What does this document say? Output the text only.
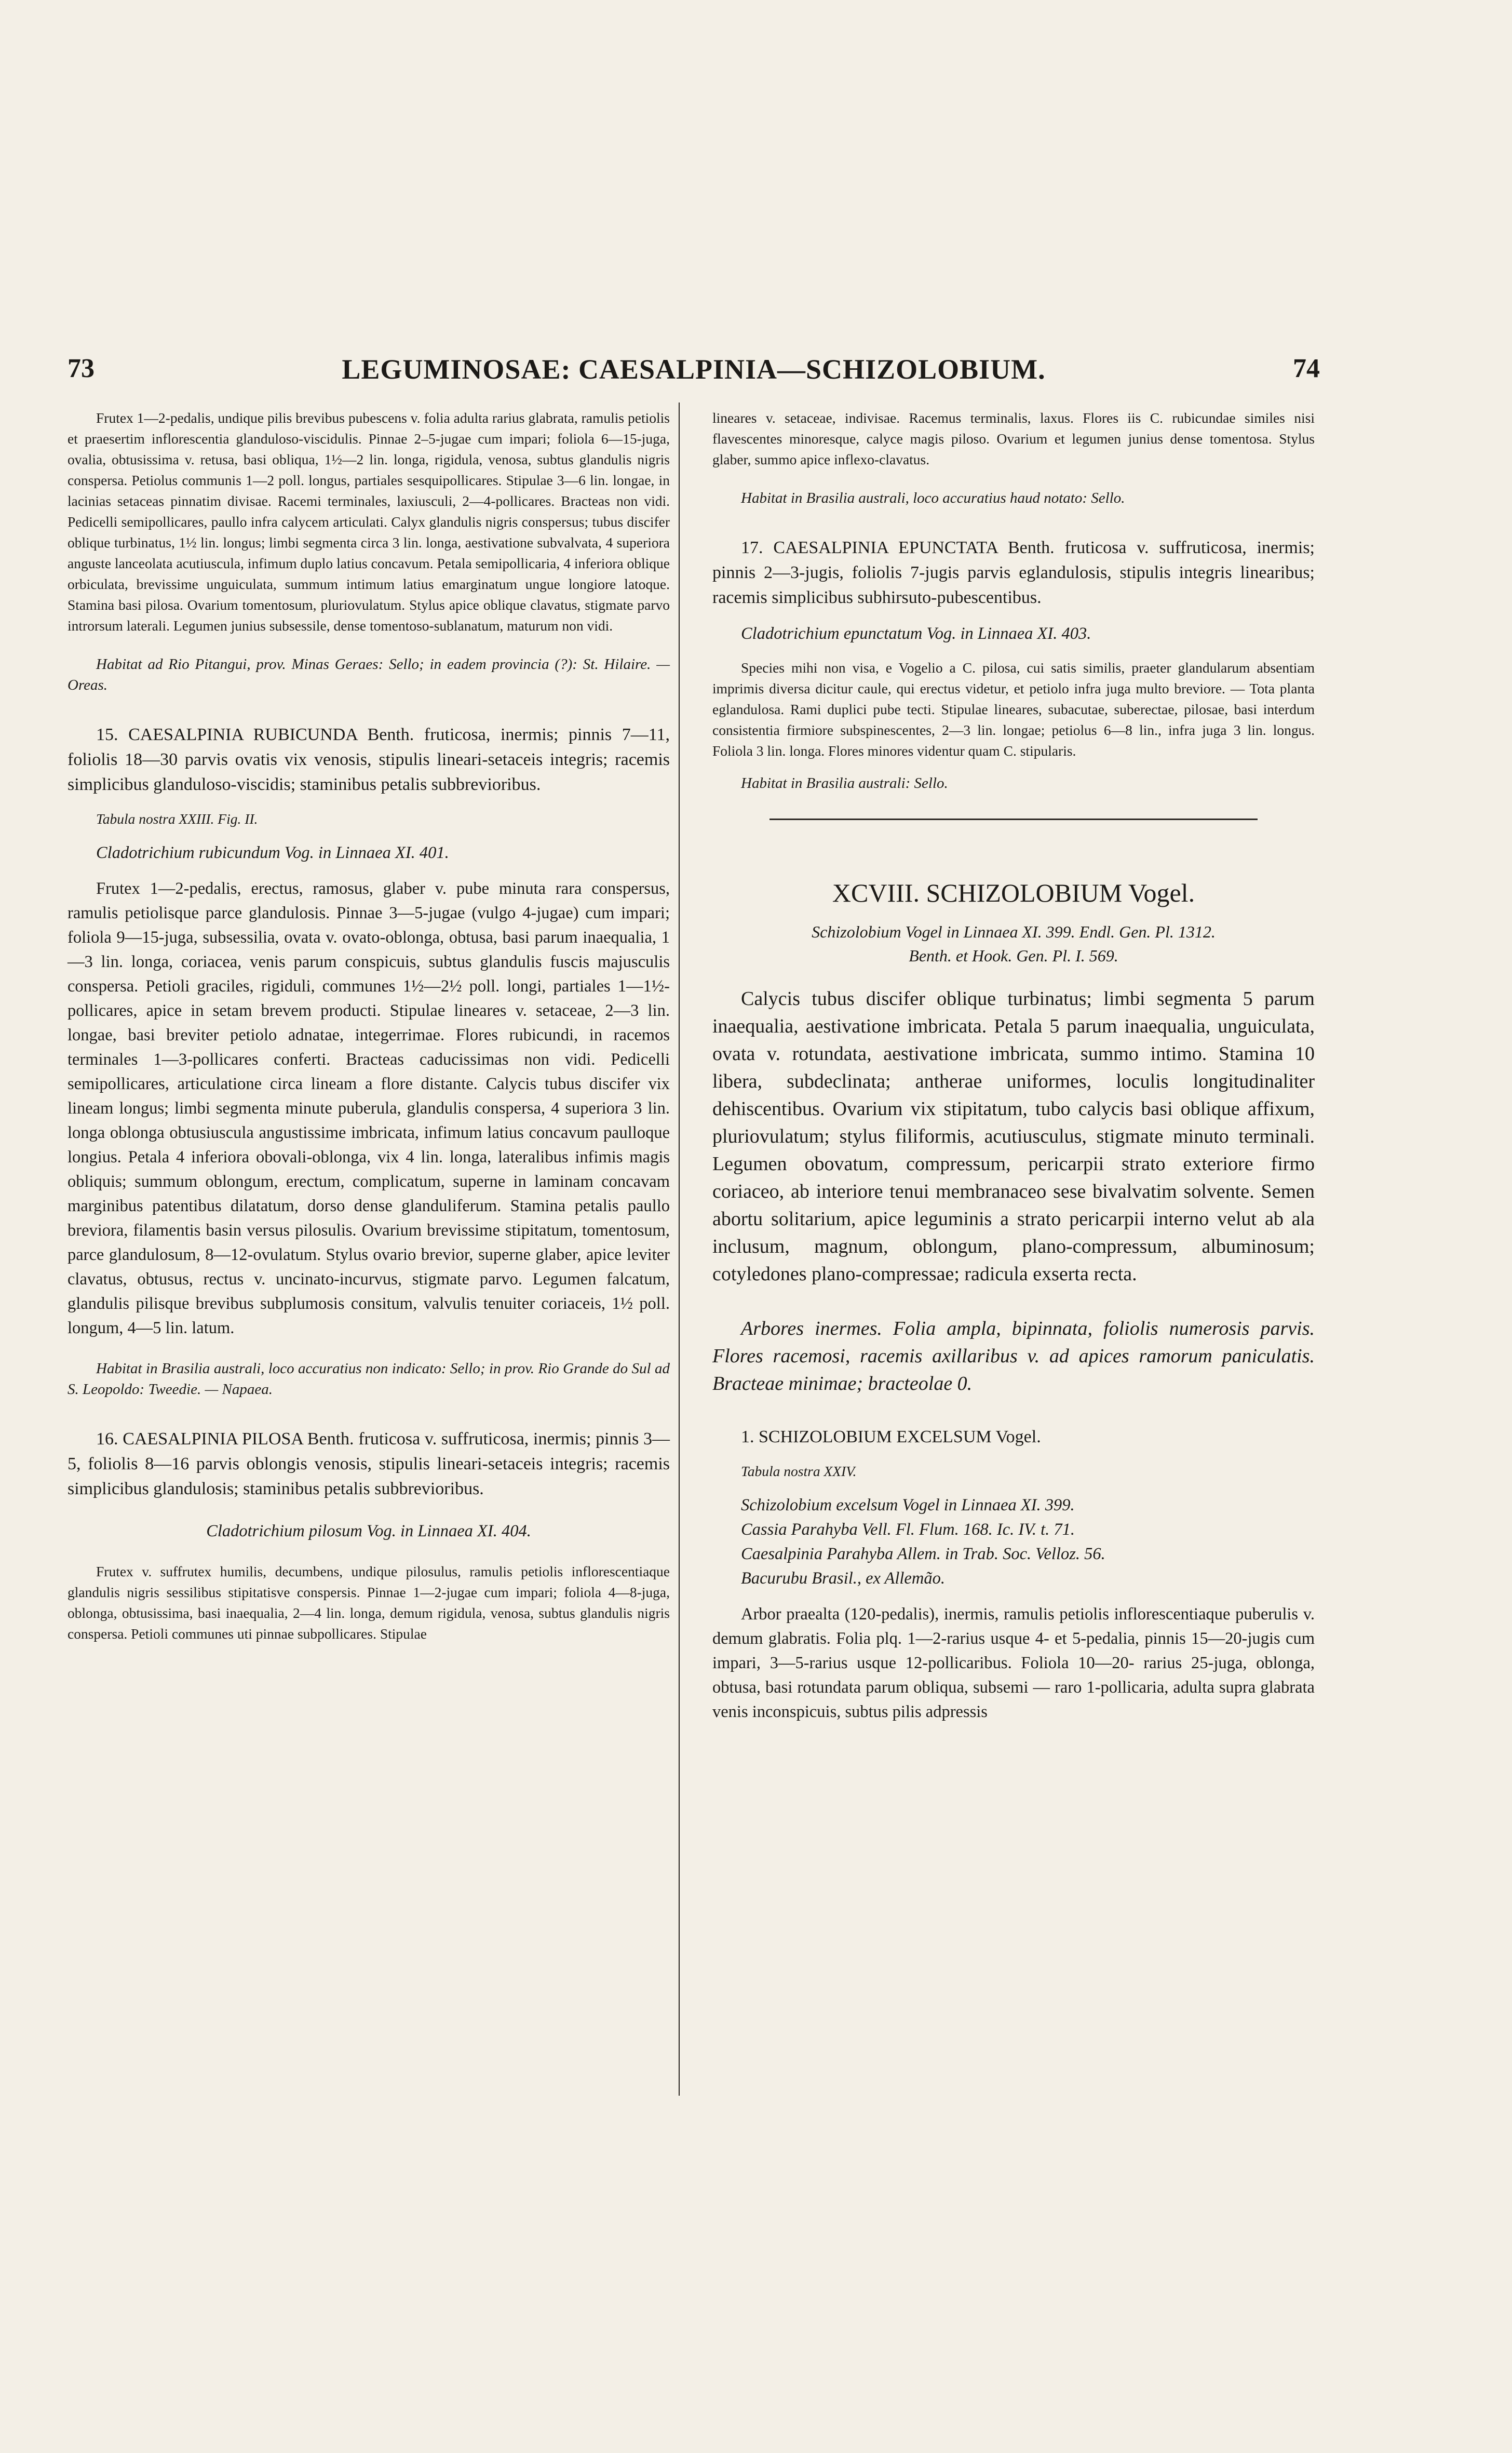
73	LEGUMINOSAE: CAESALPINIA—SCHIZOLOBIUM.	74

Frutex 1—2-pedalis, undique pilis brevibus pubescens v. folia adulta rarius glabrata, ramulis petiolis et praesertim inflorescentia glanduloso-viscidulis. Pinnae 2–5-jugae cum impari; foliola 6—15-juga, ovalia, obtusissima v. retusa, basi obliqua, 1½—2 lin. longa, rigidula, venosa, subtus glandulis nigris conspersa. Petiolus communis 1—2 poll. longus, partiales sesquipollicares. Stipulae 3—6 lin. longae, in lacinias setaceas pinnatim divisae. Racemi terminales, laxiusculi, 2—4-pollicares. Bracteas non vidi. Pedicelli semipollicares, paullo infra calycem articulati. Calyx glandulis nigris conspersus; tubus discifer oblique turbinatus, 1½ lin. longus; limbi segmenta circa 3 lin. longa, aestivatione subvalvata, 4 superiora anguste lanceolata acutiuscula, infimum duplo latius concavum. Petala semipollicaria, 4 inferiora oblique orbiculata, brevissime unguiculata, summum intimum latius emarginatum ungue longiore latoque. Stamina basi pilosa. Ovarium tomentosum, pluriovulatum. Stylus apice oblique clavatus, stigmate parvo introrsum laterali. Legumen junius subsessile, dense tomentoso-sublanatum, maturum non vidi.

Habitat ad Rio Pitangui, prov. Minas Geraes: Sello; in eadem provincia (?): St. Hilaire. — Oreas.

15. CAESALPINIA RUBICUNDA Benth. fruticosa, inermis; pinnis 7—11, foliolis 18—30 parvis ovatis vix venosis, stipulis lineari-setaceis integris; racemis simplicibus glanduloso-viscidis; staminibus petalis subbrevioribus.

Tabula nostra XXIII. Fig. II.

Cladotrichium rubicundum Vog. in Linnaea XI. 401.

Frutex 1—2-pedalis, erectus, ramosus, glaber v. pube minuta rara conspersus, ramulis petiolisque parce glandulosis. Pinnae 3—5-jugae (vulgo 4-jugae) cum impari; foliola 9—15-juga, subsessilia, ovata v. ovato-oblonga, obtusa, basi parum inaequalia, 1—3 lin. longa, coriacea, venis parum conspicuis, subtus glandulis fuscis majusculis conspersa. Petioli graciles, rigiduli, communes 1½—2½ poll. longi, partiales 1—1½-pollicares, apice in setam brevem producti. Stipulae lineares v. setaceae, 2—3 lin. longae, basi breviter petiolo adnatae, integerrimae. Flores rubicundi, in racemos terminales 1—3-pollicares conferti. Bracteas caducissimas non vidi. Pedicelli semipollicares, articulatione circa lineam a flore distante. Calycis tubus discifer vix lineam longus; limbi segmenta minute puberula, glandulis conspersa, 4 superiora 3 lin. longa oblonga obtusiuscula angustissime imbricata, infimum latius concavum paulloque longius. Petala 4 inferiora obovali-oblonga, vix 4 lin. longa, lateralibus infimis magis obliquis; summum oblongum, erectum, complicatum, superne in laminam concavam marginibus patentibus dilatatum, dorso dense glanduliferum. Stamina petalis paullo breviora, filamentis basin versus pilosulis. Ovarium brevissime stipitatum, tomentosum, parce glandulosum, 8—12-ovulatum. Stylus ovario brevior, superne glaber, apice leviter clavatus, obtusus, rectus v. uncinato-incurvus, stigmate parvo. Legumen falcatum, glandulis pilisque brevibus subplumosis consitum, valvulis tenuiter coriaceis, 1½ poll. longum, 4—5 lin. latum.

Habitat in Brasilia australi, loco accuratius non indicato: Sello; in prov. Rio Grande do Sul ad S. Leopoldo: Tweedie. — Napaea.

16. CAESALPINIA PILOSA Benth. fruticosa v. suffruticosa, inermis; pinnis 3—5, foliolis 8—16 parvis oblongis venosis, stipulis lineari-setaceis integris; racemis simplicibus glandulosis; staminibus petalis subbrevioribus.

Cladotrichium pilosum Vog. in Linnaea XI. 404.

Frutex v. suffrutex humilis, decumbens, undique pilosulus, ramulis petiolis inflorescentiaque glandulis nigris sessilibus stipitatisve conspersis. Pinnae 1—2-jugae cum impari; foliola 4—8-juga, oblonga, obtusissima, basi inaequalia, 2—4 lin. longa, demum rigidula, venosa, subtus glandulis nigris conspersa. Petioli communes uti pinnae subpollicares. Stipulae

lineares v. setaceae, indivisae. Racemus terminalis, laxus. Flores iis C. rubicundae similes nisi flavescentes minoresque, calyce magis piloso. Ovarium et legumen junius dense tomentosa. Stylus glaber, summo apice inflexo-clavatus.

Habitat in Brasilia australi, loco accuratius haud notato: Sello.

17. CAESALPINIA EPUNCTATA Benth. fruticosa v. suffruticosa, inermis; pinnis 2—3-jugis, foliolis 7-jugis parvis eglandulosis, stipulis integris linearibus; racemis simplicibus subhirsuto-pubescentibus.

Cladotrichium epunctatum Vog. in Linnaea XI. 403.

Species mihi non visa, e Vogelio a C. pilosa, cui satis similis, praeter glandularum absentiam imprimis diversa dicitur caule, qui erectus videtur, et petiolo infra juga multo breviore. — Tota planta eglandulosa. Rami duplici pube tecti. Stipulae lineares, subacutae, suberectae, pilosae, basi interdum consistentia firmiore subspinescentes, 2—3 lin. longae; petiolus 6—8 lin., infra juga 3 lin. longus. Foliola 3 lin. longa. Flores minores videntur quam C. stipularis.

Habitat in Brasilia australi: Sello.

XCVIII. SCHIZOLOBIUM Vogel.

Schizolobium Vogel in Linnaea XI. 399. Endl. Gen. Pl. 1312.

Benth. et Hook. Gen. Pl. I. 569.

Calycis tubus discifer oblique turbinatus; limbi segmenta 5 parum inaequalia, aestivatione imbricata. Petala 5 parum inaequalia, unguiculata, ovata v. rotundata, aestivatione imbricata, summo intimo. Stamina 10 libera, subdeclinata; antherae uniformes, loculis longitudinaliter dehiscentibus. Ovarium vix stipitatum, tubo calycis basi oblique affixum, pluriovulatum; stylus filiformis, acutiusculus, stigmate minuto terminali. Legumen obovatum, compressum, pericarpii strato exteriore firmo coriaceo, ab interiore tenui membranaceo sese bivalvatim solvente. Semen abortu solitarium, apice leguminis a strato pericarpii interno velut ab ala inclusum, magnum, oblongum, plano-compressum, albuminosum; cotyledones plano-compressae; radicula exserta recta.

Arbores inermes. Folia ampla, bipinnata, foliolis numerosis parvis. Flores racemosi, racemis axillaribus v. ad apices ramorum paniculatis. Bracteae minimae; bracteolae 0.

1. SCHIZOLOBIUM EXCELSUM Vogel.

Tabula nostra XXIV.

Schizolobium excelsum Vogel in Linnaea XI. 399.

Cassia Parahyba Vell. Fl. Flum. 168. Ic. IV. t. 71.

Caesalpinia Parahyba Allem. in Trab. Soc. Velloz. 56.

Bacurubu Brasil., ex Allemão.

Arbor praealta (120-pedalis), inermis, ramulis petiolis inflorescentiaque puberulis v. demum glabratis. Folia plq. 1—2-rarius usque 4- et 5-pedalia, pinnis 15—20-jugis cum impari, 3—5-rarius usque 12-pollicaribus. Foliola 10—20- rarius 25-juga, oblonga, obtusa, basi rotundata parum obliqua, subsemi — raro 1-pollicaria, adulta supra glabrata venis inconspicuis, subtus pilis adpressis
